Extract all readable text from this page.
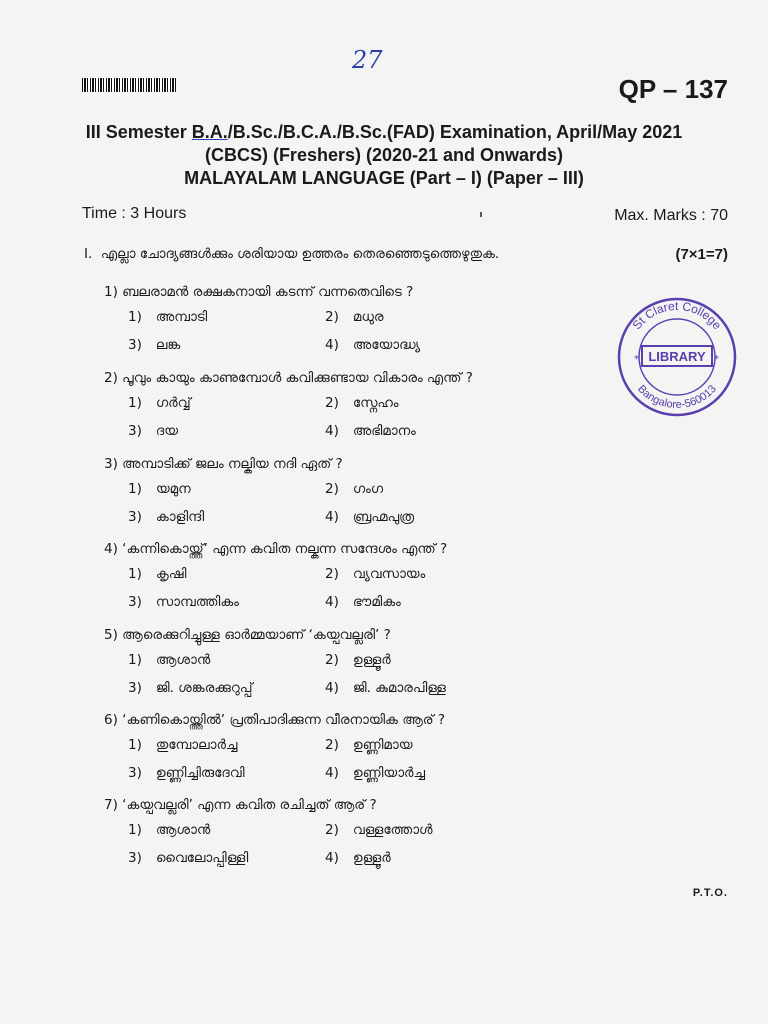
27
QP – 137
III Semester B.A./B.Sc./B.C.A./B.Sc.(FAD) Examination, April/May 2021
(CBCS) (Freshers) (2020-21 and Onwards)
MALAYALAM LANGUAGE (Part – I) (Paper – III)
Time : 3 Hours	Max. Marks : 70
I. എല്ലാ ചോദ്യങ്ങൾക്കും ശരിയായ ഉത്തരം തെരഞ്ഞെടുത്തെഴുതുക.	(7×1=7)
1) ബലരാമൻ രക്ഷകനായി കടന്ന് വന്നതെവിടെ ?
1) അമ്പാടി	2) മധുര
3) ലങ്ക	4) അയോദ്ധ്യ
2) പൂവും കായും കാണുമ്പോൾ കവിക്കുണ്ടായ വികാരം എന്ത് ?
1) ഗർവ്വ്	2) സ്നേഹം
3) ദയ	4) അഭിമാനം
3) അമ്പാടിക്ക് ജലം നല്കിയ നദി ഏത് ?
1) യമുന	2) ഗംഗ
3) കാളിന്ദി	4) ബ്രഹ്മപുത്ര
4) ‘കന്നികൊയ്ത്ത്’ എന്ന കവിത നല്കുന്ന സന്ദേശം എന്ത് ?
1) കൃഷി	2) വ്യവസായം
3) സാമ്പത്തികം	4) ഭൗമികം
5) ആരെക്കുറിച്ചുള്ള ഓർമ്മയാണ് ‘കയ്പവല്ലരി’ ?
1) ആശാൻ	2) ഉള്ളൂർ
3) ജി. ശങ്കരക്കുറുപ്പ്	4) ജി. കുമാരപിള്ള
6) ‘കണികൊയ്ത്തിൽ’ പ്രതിപാദിക്കുന്ന വീരനായിക ആര് ?
1) തുമ്പോലാർച്ച	2) ഉണ്ണിമായ
3) ഉണ്ണിച്ചിരുദേവി	4) ഉണ്ണിയാർച്ച
7) ‘കയ്പവല്ലരി’ എന്ന കവിത രചിച്ചത് ആര് ?
1) ആശാൻ	2) വള്ളത്തോൾ
3) വൈലോപ്പിള്ളി	4) ഉള്ളൂർ
St Claret College
Bangalore-560013
LIBRARY
*	*
P.T.O.
